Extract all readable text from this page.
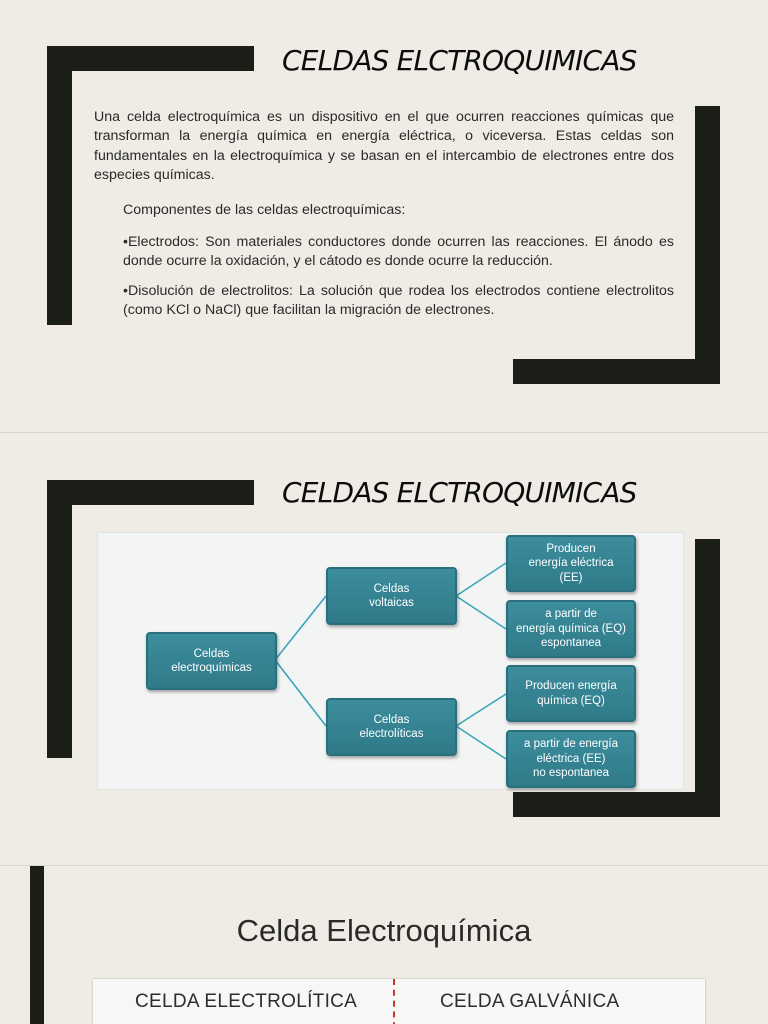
CELDAS ELCTROQUIMICAS
Una celda electroquímica es un dispositivo en el que ocurren reacciones químicas que transforman la energía química en energía eléctrica, o viceversa. Estas celdas son fundamentales en la electroquímica y se basan en el intercambio de electrones entre dos especies químicas.
Componentes de las celdas electroquímicas:
•Electrodos: Son materiales conductores donde ocurren las reacciones. El ánodo es donde ocurre la oxidación, y el cátodo es donde ocurre la reducción.
•Disolución de electrolitos: La solución que rodea los electrodos contiene electrolitos (como KCl o NaCl) que facilitan la migración de electrones.
CELDAS ELCTROQUIMICAS
Celdas
electroquímicas
Celdas
voltaicas
Celdas
electrolíticas
Producen
energía eléctrica
(EE)
a partir de
energía química (EQ)
espontanea
Producen energía
química (EQ)
a partir de energía
eléctrica (EE)
no espontanea
Celda Electroquímica
CELDA ELECTROLÍTICA	CELDA GALVÁNICA
